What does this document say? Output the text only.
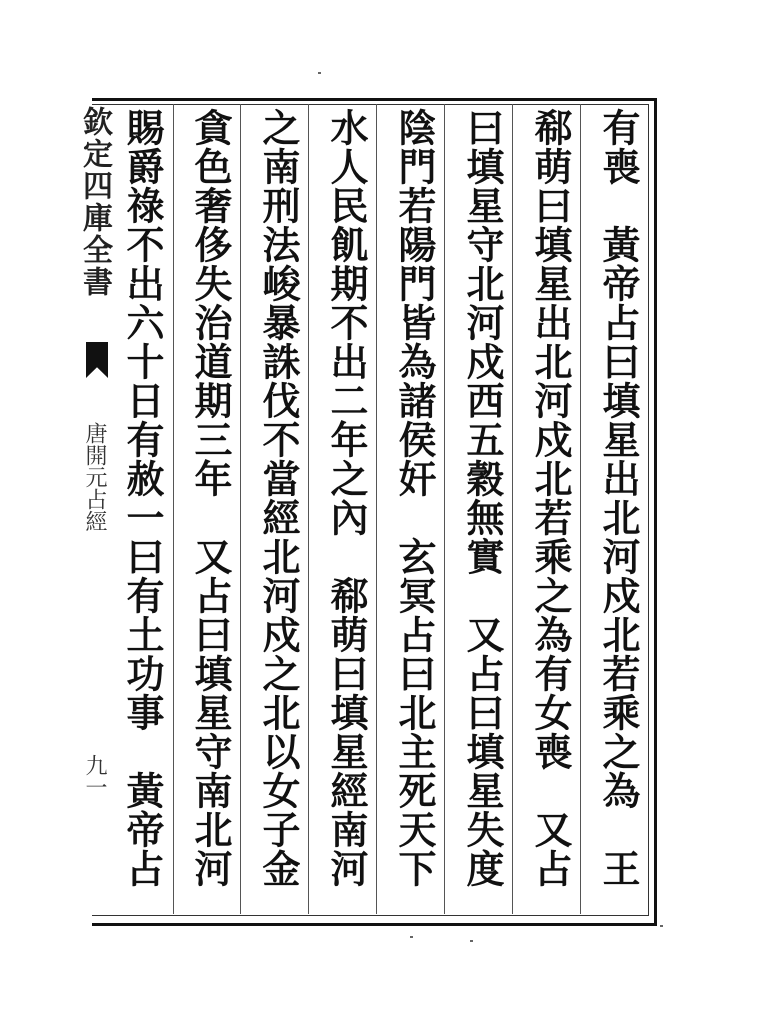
欽定四庫全書
唐開元占經
九一
有喪　黃帝占曰填星出北河戍北若乘之為　王
郗萌曰填星出北河戍北若乘之為有女喪　又占
曰填星守北河戍西五穀無實　又占曰填星失度
陰門若陽門皆為諸侯奸　玄冥占曰北主死天下
水人民飢期不出二年之內　郗萌曰填星經南河
之南刑法峻暴誅伐不當經北河戍之北以女子金
貪色奢侈失治道期三年　又占曰填星守南北河
賜爵祿不出六十日有赦一曰有土功事　黃帝占
